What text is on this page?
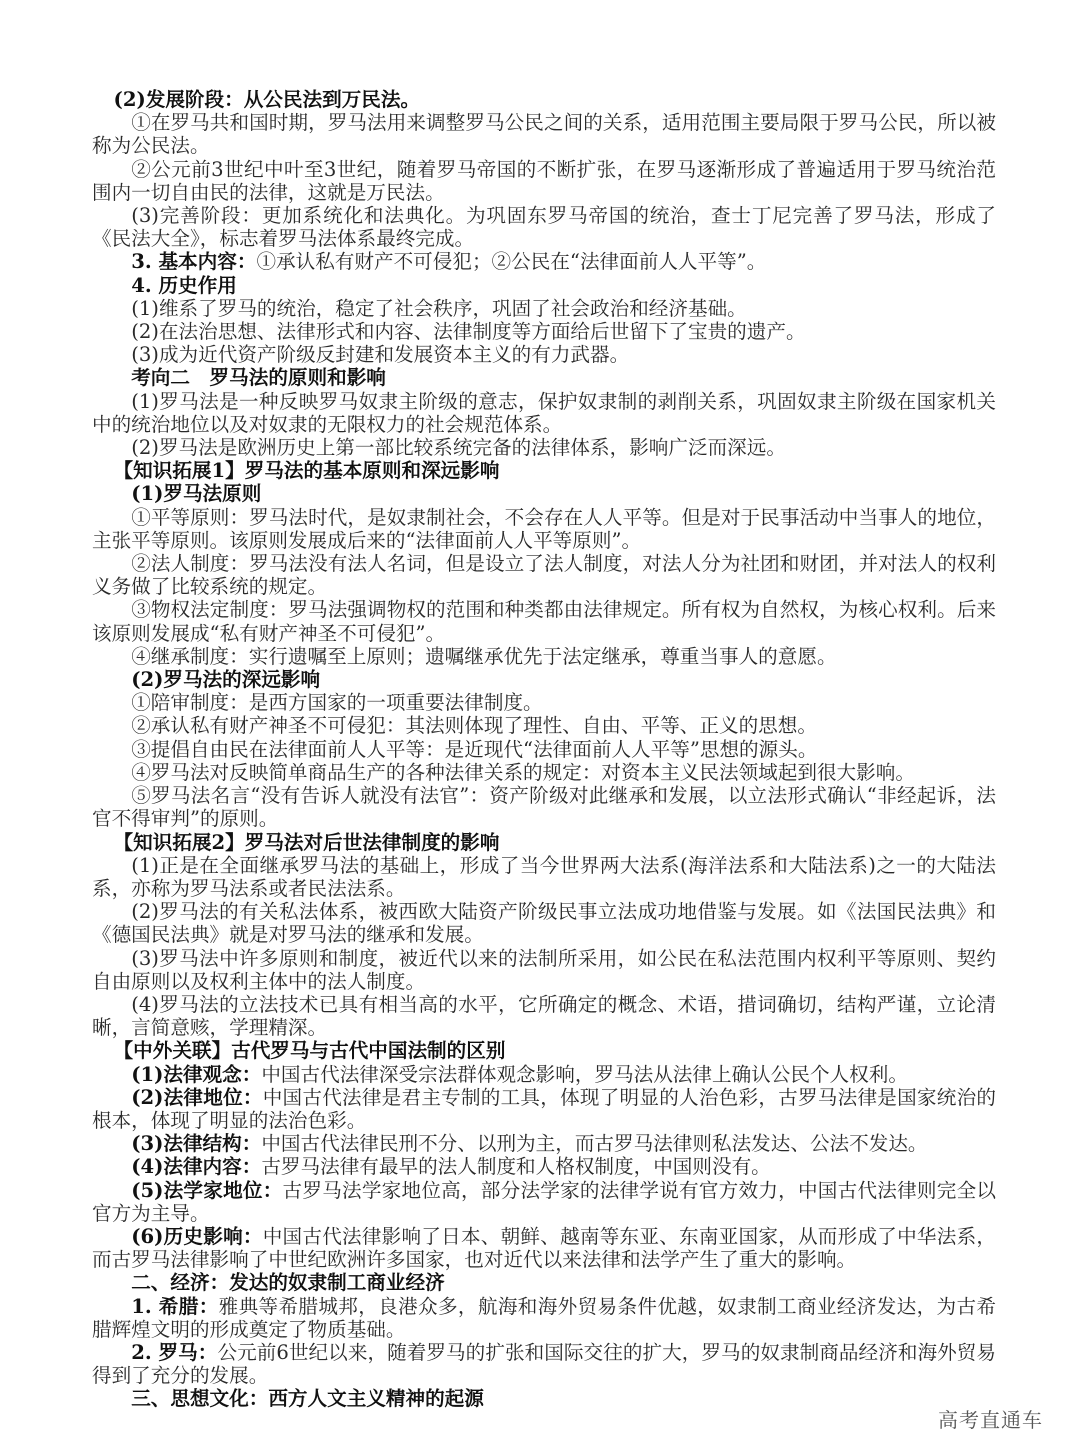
(2)发展阶段：从公民法到万民法。

①在罗马共和国时期，罗马法用来调整罗马公民之间的关系，适用范围主要局限于罗马公民，所以被称为公民法。

②公元前3世纪中叶至3世纪，随着罗马帝国的不断扩张，在罗马逐渐形成了普遍适用于罗马统治范围内一切自由民的法律，这就是万民法。

(3)完善阶段：更加系统化和法典化。为巩固东罗马帝国的统治，查士丁尼完善了罗马法，形成了《民法大全》，标志着罗马法体系最终完成。

3. 基本内容：①承认私有财产不可侵犯；②公民在“法律面前人人平等”。

4. 历史作用

(1)维系了罗马的统治，稳定了社会秩序，巩固了社会政治和经济基础。

(2)在法治思想、法律形式和内容、法律制度等方面给后世留下了宝贵的遗产。

(3)成为近代资产阶级反封建和发展资本主义的有力武器。

考向二　罗马法的原则和影响

(1)罗马法是一种反映罗马奴隶主阶级的意志，保护奴隶制的剥削关系，巩固奴隶主阶级在国家机关中的统治地位以及对奴隶的无限权力的社会规范体系。

(2)罗马法是欧洲历史上第一部比较系统完备的法律体系，影响广泛而深远。

【知识拓展1】罗马法的基本原则和深远影响

(1)罗马法原则

①平等原则：罗马法时代，是奴隶制社会，不会存在人人平等。但是对于民事活动中当事人的地位，主张平等原则。该原则发展成后来的“法律面前人人平等原则”。

②法人制度：罗马法没有法人名词，但是设立了法人制度，对法人分为社团和财团，并对法人的权利义务做了比较系统的规定。

③物权法定制度：罗马法强调物权的范围和种类都由法律规定。所有权为自然权，为核心权利。后来该原则发展成“私有财产神圣不可侵犯”。

④继承制度：实行遗嘱至上原则；遗嘱继承优先于法定继承，尊重当事人的意愿。

(2)罗马法的深远影响

①陪审制度：是西方国家的一项重要法律制度。

②承认私有财产神圣不可侵犯：其法则体现了理性、自由、平等、正义的思想。

③提倡自由民在法律面前人人平等：是近现代“法律面前人人平等”思想的源头。

④罗马法对反映简单商品生产的各种法律关系的规定：对资本主义民法领域起到很大影响。

⑤罗马法名言“没有告诉人就没有法官”：资产阶级对此继承和发展，以立法形式确认“非经起诉，法官不得审判”的原则。

【知识拓展2】罗马法对后世法律制度的影响

(1)正是在全面继承罗马法的基础上，形成了当今世界两大法系(海洋法系和大陆法系)之一的大陆法系，亦称为罗马法系或者民法法系。

(2)罗马法的有关私法体系，被西欧大陆资产阶级民事立法成功地借鉴与发展。如《法国民法典》和《德国民法典》就是对罗马法的继承和发展。

(3)罗马法中许多原则和制度，被近代以来的法制所采用，如公民在私法范围内权利平等原则、契约自由原则以及权利主体中的法人制度。

(4)罗马法的立法技术已具有相当高的水平，它所确定的概念、术语，措词确切，结构严谨，立论清晰，言简意赅，学理精深。

【中外关联】古代罗马与古代中国法制的区别

(1)法律观念：中国古代法律深受宗法群体观念影响，罗马法从法律上确认公民个人权利。

(2)法律地位：中国古代法律是君主专制的工具，体现了明显的人治色彩，古罗马法律是国家统治的根本，体现了明显的法治色彩。

(3)法律结构：中国古代法律民刑不分、以刑为主，而古罗马法律则私法发达、公法不发达。

(4)法律内容：古罗马法律有最早的法人制度和人格权制度，中国则没有。

(5)法学家地位：古罗马法学家地位高，部分法学家的法律学说有官方效力，中国古代法律则完全以官方为主导。

(6)历史影响：中国古代法律影响了日本、朝鲜、越南等东亚、东南亚国家，从而形成了中华法系，而古罗马法律影响了中世纪欧洲许多国家，也对近代以来法律和法学产生了重大的影响。

二、经济：发达的奴隶制工商业经济

1. 希腊：雅典等希腊城邦，良港众多，航海和海外贸易条件优越，奴隶制工商业经济发达，为古希腊辉煌文明的形成奠定了物质基础。

2. 罗马：公元前6世纪以来，随着罗马的扩张和国际交往的扩大，罗马的奴隶制商品经济和海外贸易得到了充分的发展。

三、思想文化：西方人文主义精神的起源

高考直通车
